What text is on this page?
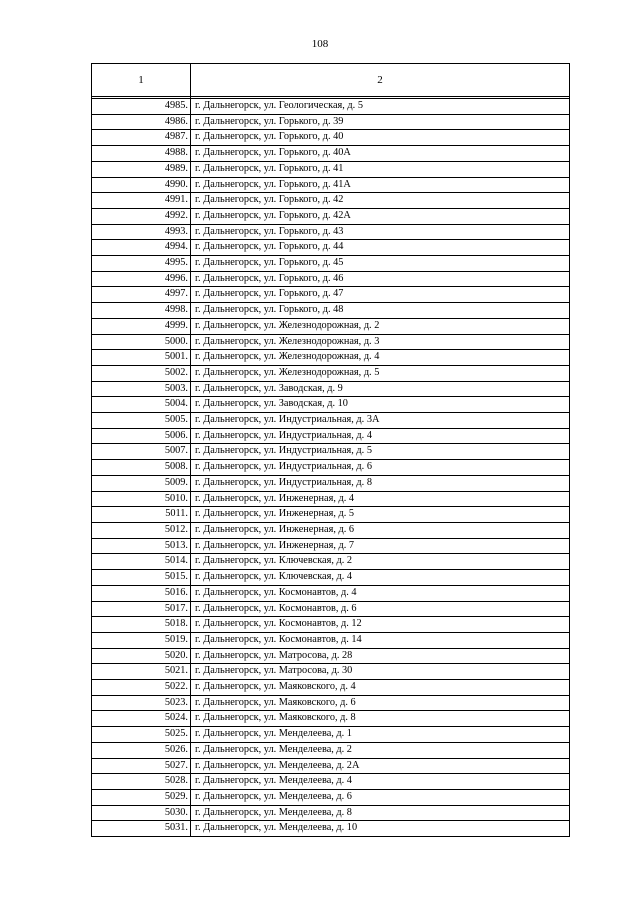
108
1	2

4985.	г. Дальнегорск, ул. Геологическая, д. 5
4986.	г. Дальнегорск, ул. Горького, д. 39
4987.	г. Дальнегорск, ул. Горького, д. 40
4988.	г. Дальнегорск, ул. Горького, д. 40А
4989.	г. Дальнегорск, ул. Горького, д. 41
4990.	г. Дальнегорск, ул. Горького, д. 41А
4991.	г. Дальнегорск, ул. Горького, д. 42
4992.	г. Дальнегорск, ул. Горького, д. 42А
4993.	г. Дальнегорск, ул. Горького, д. 43
4994.	г. Дальнегорск, ул. Горького, д. 44
4995.	г. Дальнегорск, ул. Горького, д. 45
4996.	г. Дальнегорск, ул. Горького, д. 46
4997.	г. Дальнегорск, ул. Горького, д. 47
4998.	г. Дальнегорск, ул. Горького, д. 48
4999.	г. Дальнегорск, ул. Железнодорожная, д. 2
5000.	г. Дальнегорск, ул. Железнодорожная, д. 3
5001.	г. Дальнегорск, ул. Железнодорожная, д. 4
5002.	г. Дальнегорск, ул. Железнодорожная, д. 5
5003.	г. Дальнегорск, ул. Заводская, д. 9
5004.	г. Дальнегорск, ул. Заводская, д. 10
5005.	г. Дальнегорск, ул. Индустриальная, д. 3А
5006.	г. Дальнегорск, ул. Индустриальная, д. 4
5007.	г. Дальнегорск, ул. Индустриальная, д. 5
5008.	г. Дальнегорск, ул. Индустриальная, д. 6
5009.	г. Дальнегорск, ул. Индустриальная, д. 8
5010.	г. Дальнегорск, ул. Инженерная, д. 4
5011.	г. Дальнегорск, ул. Инженерная, д. 5
5012.	г. Дальнегорск, ул. Инженерная, д. 6
5013.	г. Дальнегорск, ул. Инженерная, д. 7
5014.	г. Дальнегорск, ул. Ключевская, д. 2
5015.	г. Дальнегорск, ул. Ключевская, д. 4
5016.	г. Дальнегорск, ул. Космонавтов, д. 4
5017.	г. Дальнегорск, ул. Космонавтов, д. 6
5018.	г. Дальнегорск, ул. Космонавтов, д. 12
5019.	г. Дальнегорск, ул. Космонавтов, д. 14
5020.	г. Дальнегорск, ул. Матросова, д. 28
5021.	г. Дальнегорск, ул. Матросова, д. 30
5022.	г. Дальнегорск, ул. Маяковского, д. 4
5023.	г. Дальнегорск, ул. Маяковского, д. 6
5024.	г. Дальнегорск, ул. Маяковского, д. 8
5025.	г. Дальнегорск, ул. Менделеева, д. 1
5026.	г. Дальнегорск, ул. Менделеева, д. 2
5027.	г. Дальнегорск, ул. Менделеева, д. 2А
5028.	г. Дальнегорск, ул. Менделеева, д. 4
5029.	г. Дальнегорск, ул. Менделеева, д. 6
5030.	г. Дальнегорск, ул. Менделеева, д. 8
5031.	г. Дальнегорск, ул. Менделеева, д. 10
